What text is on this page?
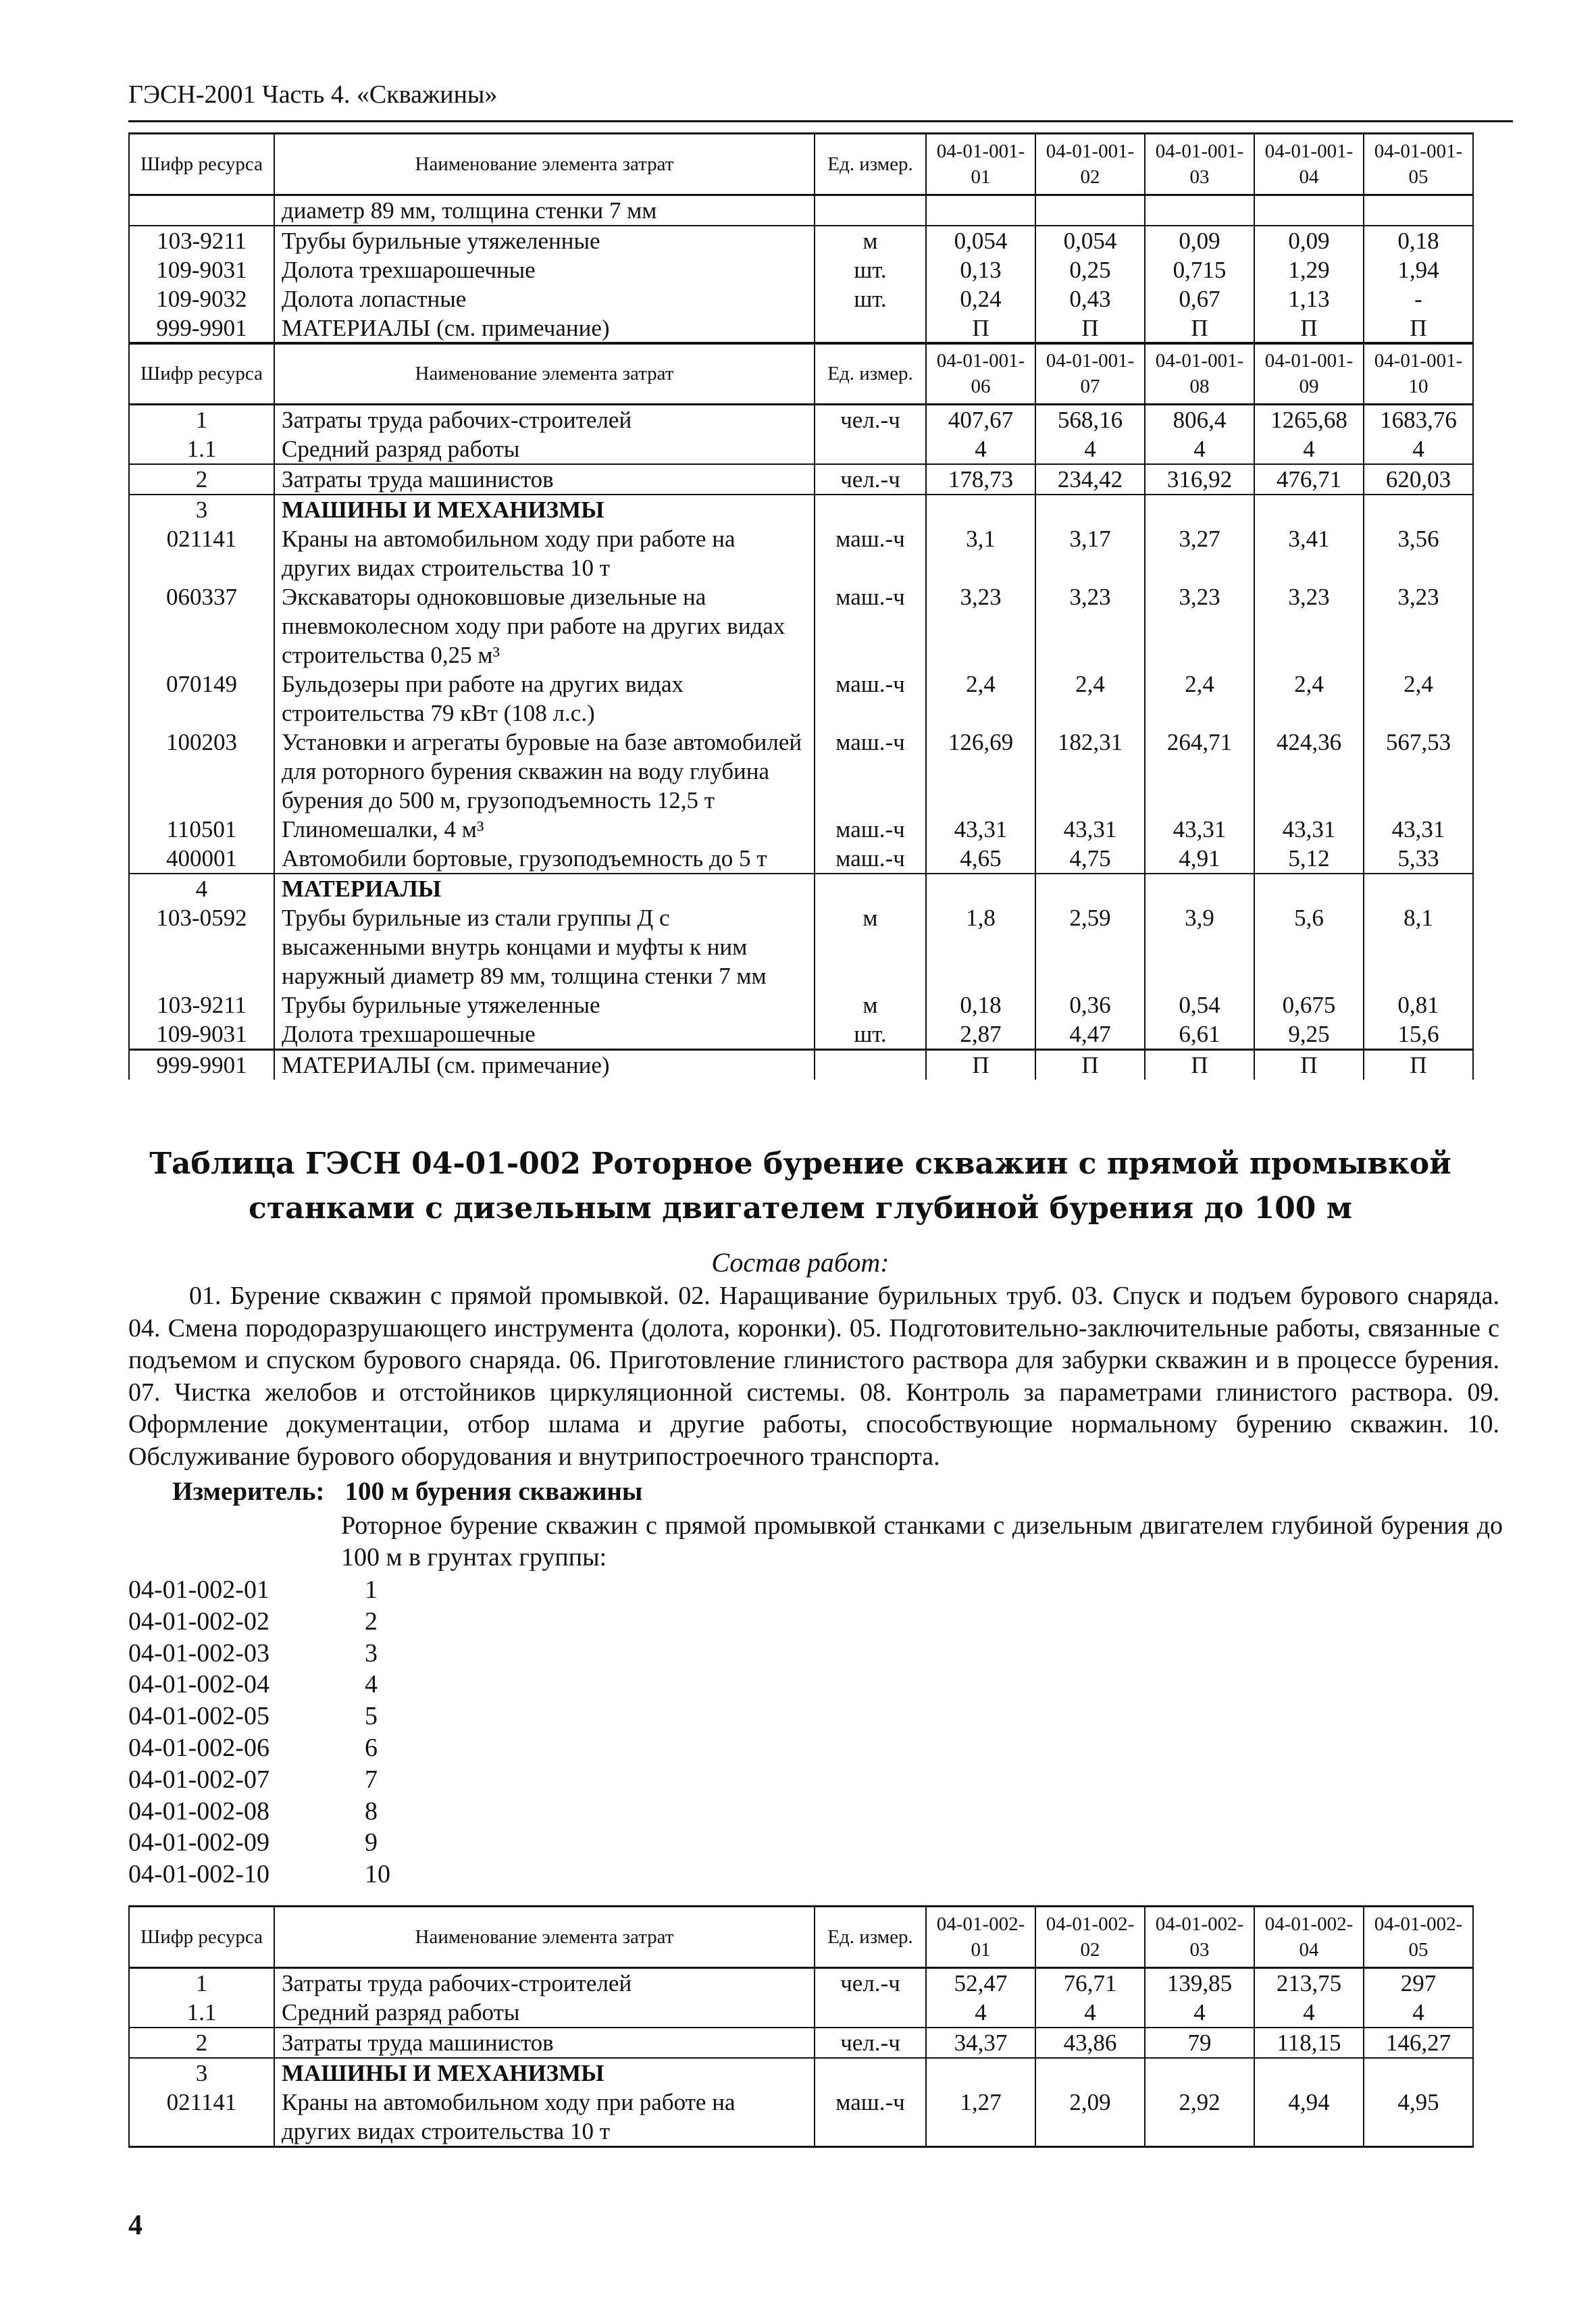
ГЭСН-2001 Часть 4. «Скважины»
Шифр ресурса	Наименование элемента затрат	Ед. измер.	04-01-001-01	04-01-001-02	04-01-001-03	04-01-001-04	04-01-001-05
	диаметр 89 мм, толщина стенки 7 мм						
103-9211	Трубы бурильные утяжеленные	м	0,054	0,054	0,09	0,09	0,18
109-9031	Долота трехшарошечные	шт.	0,13	0,25	0,715	1,29	1,94
109-9032	Долота лопастные	шт.	0,24	0,43	0,67	1,13	-
999-9901	МАТЕРИАЛЫ (см. примечание)		П	П	П	П	П
Шифр ресурса	Наименование элемента затрат	Ед. измер.	04-01-001-06	04-01-001-07	04-01-001-08	04-01-001-09	04-01-001-10
1	Затраты труда рабочих-строителей	чел.-ч	407,67	568,16	806,4	1265,68	1683,76
1.1	Средний разряд работы		4	4	4	4	4
2	Затраты труда машинистов	чел.-ч	178,73	234,42	316,92	476,71	620,03
3	МАШИНЫ И МЕХАНИЗМЫ						
021141	Краны на автомобильном ходу при работе на других видах строительства 10 т	маш.-ч	3,1	3,17	3,27	3,41	3,56
060337	Экскаваторы одноковшовые дизельные на пневмоколесном ходу при работе на других видах строительства 0,25 м³	маш.-ч	3,23	3,23	3,23	3,23	3,23
070149	Бульдозеры при работе на других видах строительства 79 кВт (108 л.с.)	маш.-ч	2,4	2,4	2,4	2,4	2,4
100203	Установки и агрегаты буровые на базе автомобилей для роторного бурения скважин на воду глубина бурения до 500 м, грузоподъемность 12,5 т	маш.-ч	126,69	182,31	264,71	424,36	567,53
110501	Глиномешалки, 4 м³	маш.-ч	43,31	43,31	43,31	43,31	43,31
400001	Автомобили бортовые, грузоподъемность до 5 т	маш.-ч	4,65	4,75	4,91	5,12	5,33
4	МАТЕРИАЛЫ						
103-0592	Трубы бурильные из стали группы Д с высаженными внутрь концами и муфты к ним наружный диаметр 89 мм, толщина стенки 7 мм	м	1,8	2,59	3,9	5,6	8,1
103-9211	Трубы бурильные утяжеленные	м	0,18	0,36	0,54	0,675	0,81
109-9031	Долота трехшарошечные	шт.	2,87	4,47	6,61	9,25	15,6
999-9901	МАТЕРИАЛЫ (см. примечание)		П	П	П	П	П
Таблица ГЭСН 04-01-002 Роторное бурение скважин с прямой промывкой станками с дизельным двигателем глубиной бурения до 100 м
Состав работ:

01. Бурение скважин с прямой промывкой. 02. Наращивание бурильных труб. 03. Спуск и подъем бурового снаряда. 04. Смена породоразрушающего инструмента (долота, коронки). 05. Подготовительно-заключительные работы, связанные с подъемом и спуском бурового снаряда. 06. Приготовление глинистого раствора для забурки скважин и в процессе бурения. 07. Чистка желобов и отстойников циркуляционной системы. 08. Контроль за параметрами глинистого раствора. 09. Оформление документации, отбор шлама и другие работы, способствующие нормальному бурению скважин. 10. Обслуживание бурового оборудования и внутрипостроечного транспорта.

Измеритель: 100 м бурения скважины

Роторное бурение скважин с прямой промывкой станками с дизельным двигателем глубиной бурения до 100 м в грунтах группы:

04-01-002-01	1
04-01-002-02	2
04-01-002-03	3
04-01-002-04	4
04-01-002-05	5
04-01-002-06	6
04-01-002-07	7
04-01-002-08	8
04-01-002-09	9
04-01-002-10	10
Шифр ресурса	Наименование элемента затрат	Ед. измер.	04-01-002-01	04-01-002-02	04-01-002-03	04-01-002-04	04-01-002-05
1	Затраты труда рабочих-строителей	чел.-ч	52,47	76,71	139,85	213,75	297
1.1	Средний разряд работы		4	4	4	4	4
2	Затраты труда машинистов	чел.-ч	34,37	43,86	79	118,15	146,27
3	МАШИНЫ И МЕХАНИЗМЫ						
021141	Краны на автомобильном ходу при работе на других видах строительства 10 т	маш.-ч	1,27	2,09	2,92	4,94	4,95
4
